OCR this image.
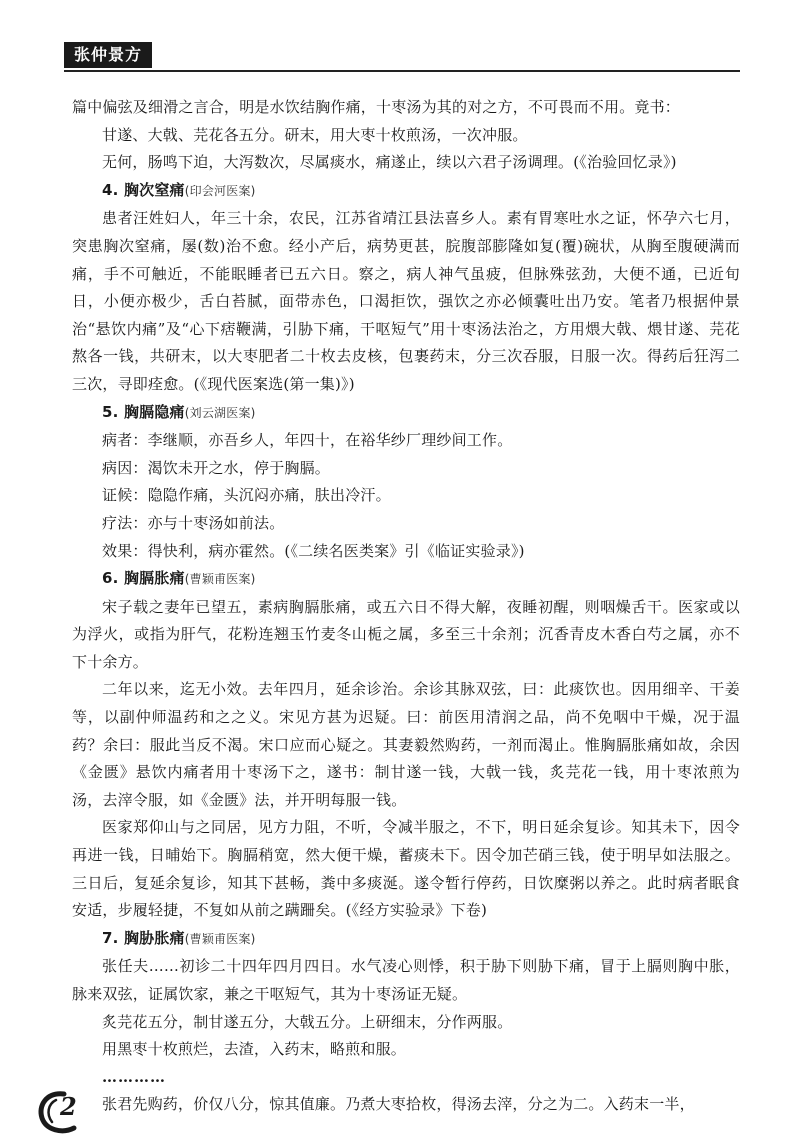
张仲景方

篇中偏弦及细滑之言合，明是水饮结胸作痛，十枣汤为其的对之方，不可畏而不用。竟书：

甘遂、大戟、芫花各五分。研末，用大枣十枚煎汤，一次冲服。

无何，肠鸣下迫，大泻数次，尽属痰水，痛遂止，续以六君子汤调理。(《治验回忆录》)

4. 胸次窒痛(印会河医案)

患者汪姓妇人，年三十余，农民，江苏省靖江县法喜乡人。素有胃寒吐水之证，怀孕六七月，突患胸次窒痛，屡(数)治不愈。经小产后，病势更甚，脘腹部膨隆如复(覆)碗状，从胸至腹硬满而痛，手不可触近，不能眠睡者已五六日。察之，病人神气虽疲，但脉殊弦劲，大便不通，已近旬日，小便亦极少，舌白苔腻，面带赤色，口渴拒饮，强饮之亦必倾囊吐出乃安。笔者乃根据仲景治“悬饮内痛”及“心下痞鞭满，引胁下痛，干呕短气”用十枣汤法治之，方用煨大戟、煨甘遂、芫花熬各一钱，共研末，以大枣肥者二十枚去皮核，包裹药末，分三次吞服，日服一次。得药后狂泻二三次，寻即痊愈。(《现代医案选(第一集)》)

5. 胸膈隐痛(刘云湖医案)

病者：李继顺，亦吾乡人，年四十，在裕华纱厂理纱间工作。

病因：渴饮未开之水，停于胸膈。

证候：隐隐作痛，头沉闷亦痛，肤出冷汗。

疗法：亦与十枣汤如前法。

效果：得快利，病亦霍然。(《二续名医类案》引《临证实验录》)

6. 胸膈胀痛(曹颖甫医案)

宋子载之妻年已望五，素病胸膈胀痛，或五六日不得大解，夜睡初醒，则咽燥舌干。医家或以为浮火，或指为肝气，花粉连翘玉竹麦冬山栀之属，多至三十余剂；沉香青皮木香白芍之属，亦不下十余方。

二年以来，迄无小效。去年四月，延余诊治。余诊其脉双弦，曰：此痰饮也。因用细辛、干姜等，以副仲师温药和之之义。宋见方甚为迟疑。曰：前医用清润之品，尚不免咽中干燥，况于温药？余曰：服此当反不渴。宋口应而心疑之。其妻毅然购药，一剂而渴止。惟胸膈胀痛如故，余因《金匮》悬饮内痛者用十枣汤下之，遂书：制甘遂一钱，大戟一钱，炙芫花一钱，用十枣浓煎为汤，去滓令服，如《金匮》法，并开明每服一钱。

医家郑仰山与之同居，见方力阻，不听，令减半服之，不下，明日延余复诊。知其未下，因令再进一钱，日晡始下。胸膈稍宽，然大便干燥，蓄痰未下。因令加芒硝三钱，使于明早如法服之。三日后，复延余复诊，知其下甚畅，粪中多痰涎。遂令暂行停药，日饮糜粥以养之。此时病者眠食安适，步履轻捷，不复如从前之蹒跚矣。(《经方实验录》下卷)

7. 胸胁胀痛(曹颖甫医案)

张任夫……初诊二十四年四月四日。水气凌心则悸，积于胁下则胁下痛，冒于上膈则胸中胀，脉来双弦，证属饮家，兼之干呕短气，其为十枣汤证无疑。

炙芫花五分，制甘遂五分，大戟五分。上研细末，分作两服。

用黑枣十枚煎烂，去渣，入药末，略煎和服。

…………

张君先购药，价仅八分，惊其值廉。乃煮大枣拾枚，得汤去滓，分之为二。入药末一半，

2
